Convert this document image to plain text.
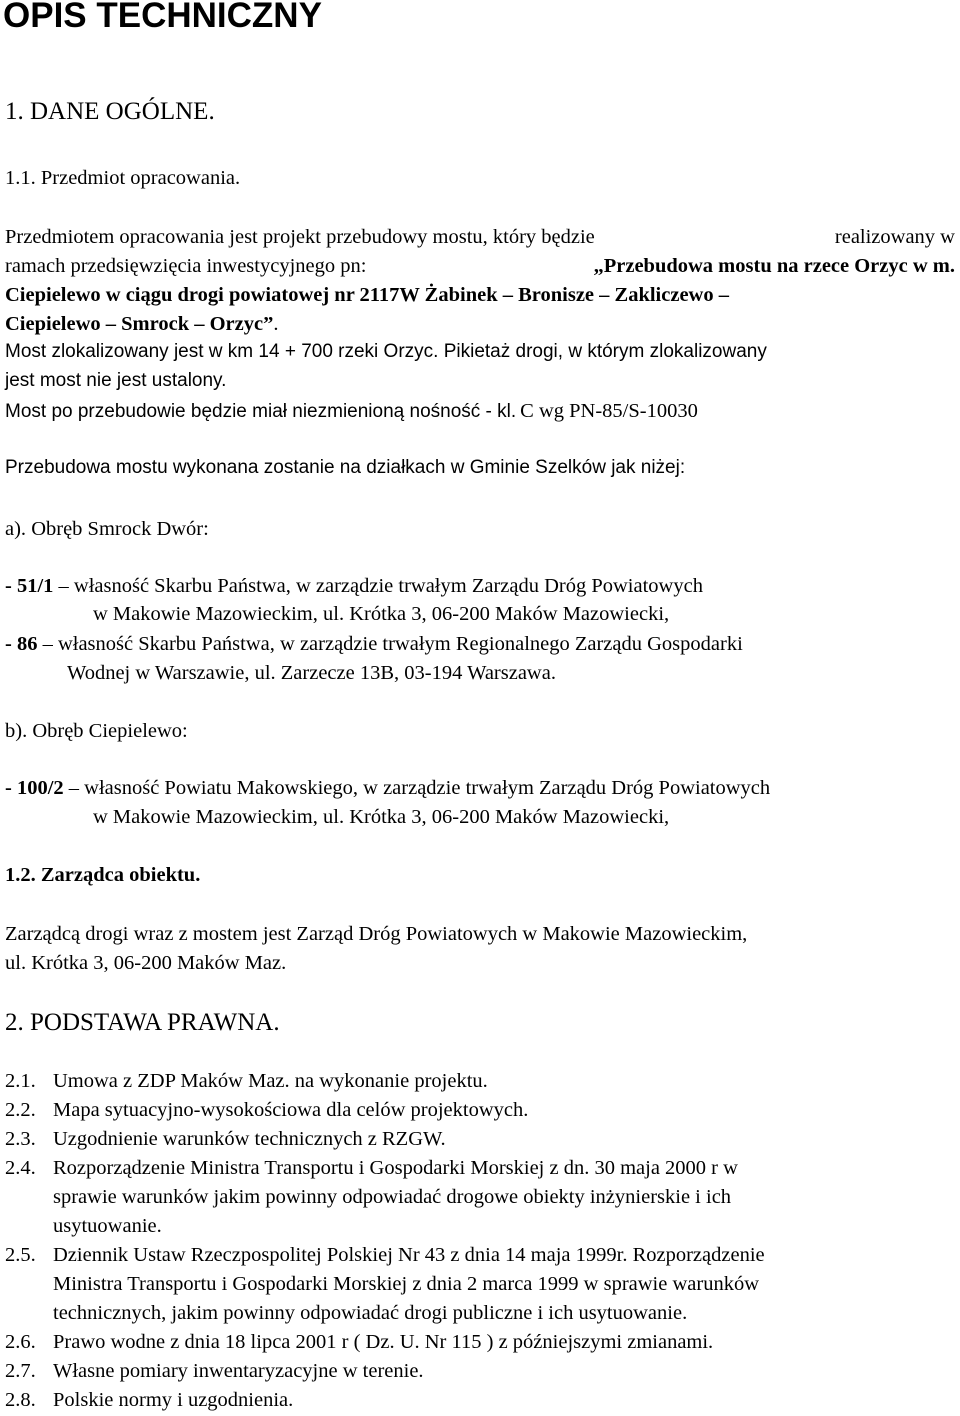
OPIS TECHNICZNY
1. DANE OGÓLNE.
1.1. Przedmiot opracowania.
Przedmiotem opracowania jest projekt przebudowy mostu, który będzie	realizowany w
ramach przedsięwzięcia inwestycyjnego pn:	„Przebudowa mostu na rzece Orzyc w m.
Ciepielewo w ciągu drogi powiatowej nr 2117W Żabinek – Bronisze – Zakliczewo –
Ciepielewo – Smrock – Orzyc”.
Most zlokalizowany jest w km 14 + 700 rzeki Orzyc. Pikietaż drogi, w którym zlokalizowany
jest most nie jest ustalony.
Most po przebudowie będzie miał niezmienioną nośność - kl. C wg PN-85/S-10030
Przebudowa mostu wykonana zostanie na działkach w Gminie Szelków jak niżej:
a). Obręb Smrock Dwór:
- 51/1 – własność Skarbu Państwa, w zarządzie trwałym Zarządu Dróg Powiatowych
w Makowie Mazowieckim, ul. Krótka 3, 06-200 Maków Mazowiecki,
- 86 – własność Skarbu Państwa, w zarządzie trwałym Regionalnego Zarządu Gospodarki
Wodnej w Warszawie, ul. Zarzecze 13B, 03-194 Warszawa.
b). Obręb Ciepielewo:
- 100/2 – własność Powiatu Makowskiego, w zarządzie trwałym Zarządu Dróg Powiatowych
w Makowie Mazowieckim, ul. Krótka 3, 06-200 Maków Mazowiecki,
1.2. Zarządca obiektu.
Zarządcą drogi wraz z mostem jest Zarząd Dróg Powiatowych w Makowie Mazowieckim,
ul. Krótka 3, 06-200 Maków Maz.
2. PODSTAWA PRAWNA.
2.1. Umowa z ZDP Maków Maz. na wykonanie projektu.
2.2. Mapa sytuacyjno-wysokościowa dla celów projektowych.
2.3. Uzgodnienie warunków technicznych z RZGW.
2.4. Rozporządzenie Ministra Transportu i Gospodarki Morskiej z dn. 30 maja 2000 r w
sprawie warunków jakim powinny odpowiadać drogowe obiekty inżynierskie i ich
usytuowanie.
2.5. Dziennik Ustaw Rzeczpospolitej Polskiej Nr 43 z dnia 14 maja 1999r. Rozporządzenie
Ministra Transportu i Gospodarki Morskiej z dnia 2 marca 1999 w sprawie warunków
technicznych, jakim powinny odpowiadać drogi publiczne i ich usytuowanie.
2.6. Prawo wodne z dnia 18 lipca 2001 r ( Dz. U. Nr 115 ) z późniejszymi zmianami.
2.7. Własne pomiary inwentaryzacyjne w terenie.
2.8. Polskie normy i uzgodnienia.
